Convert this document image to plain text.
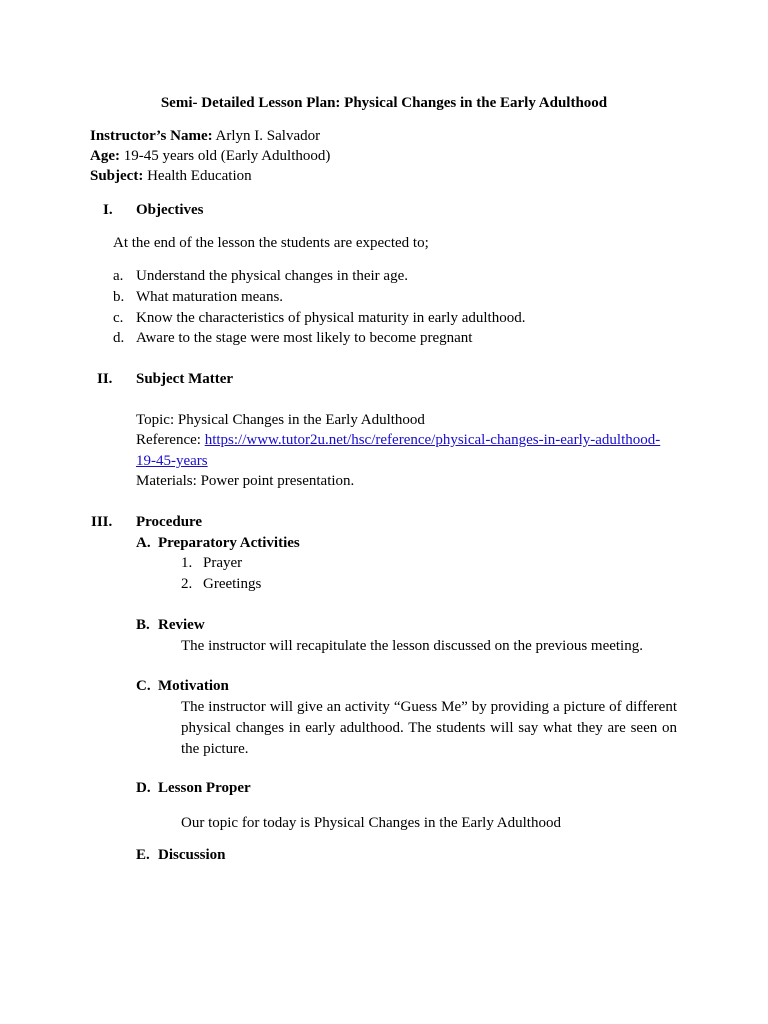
Semi- Detailed Lesson Plan: Physical Changes in the Early Adulthood
Instructor’s Name: Arlyn I. Salvador
Age: 19-45 years old (Early Adulthood)
Subject: Health Education
I. Objectives
At the end of the lesson the students are expected to;
a. Understand the physical changes in their age.
b. What maturation means.
c. Know the characteristics of physical maturity in early adulthood.
d. Aware to the stage were most likely to become pregnant
II. Subject Matter
Topic: Physical Changes in the Early Adulthood
Reference: https://www.tutor2u.net/hsc/reference/physical-changes-in-early-adulthood-
19-45-years
Materials: Power point presentation.
III. Procedure
A. Preparatory Activities
1. Prayer
2. Greetings
B. Review
The instructor will recapitulate the lesson discussed on the previous meeting.
C. Motivation
The instructor will give an activity “Guess Me” by providing a picture of different physical changes in early adulthood. The students will say what they are seen on the picture.
D. Lesson Proper
Our topic for today is Physical Changes in the Early Adulthood
E. Discussion
